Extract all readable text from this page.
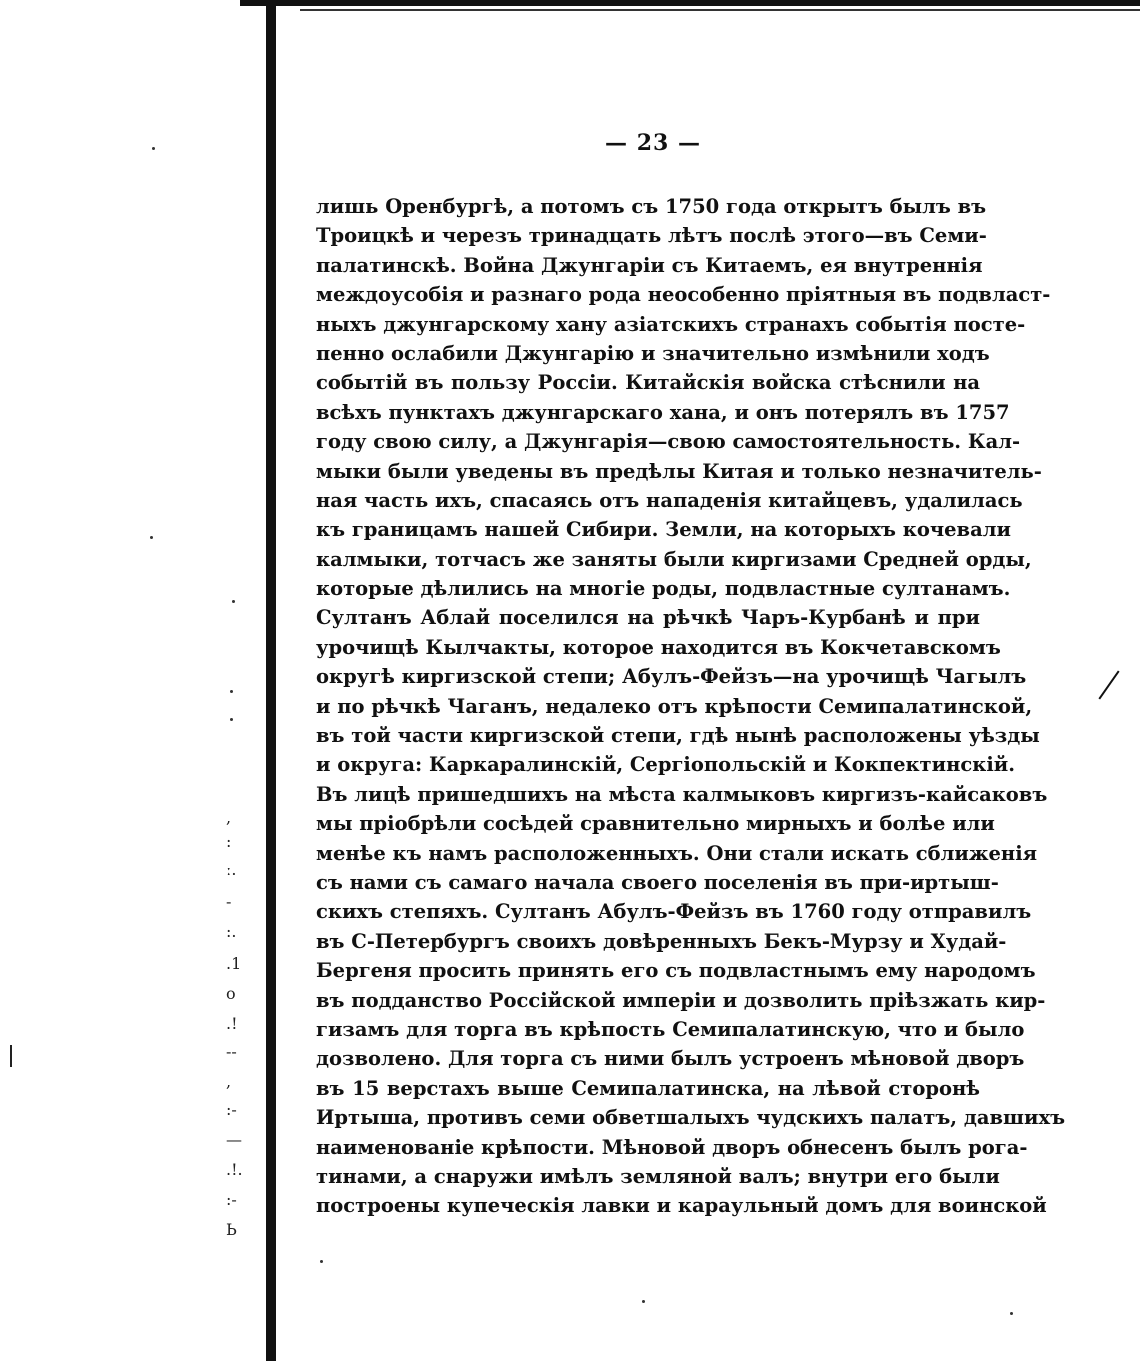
— 23 —
лишь Оренбургѣ, а потомъ съ 1750 года открытъ былъ въ
Троицкѣ и черезъ тринадцать лѣтъ послѣ этого—въ Семи-
палатинскѣ. Война Джунгаріи съ Китаемъ, ея внутреннія
междоусобія и разнаго рода неособенно пріятныя въ подвласт-
ныхъ джунгарскому хану азіатскихъ странахъ событія посте-
пенно ослабили Джунгарію и значительно измѣнили ходъ
событій въ пользу Россіи. Китайскія войска стѣснили на
всѣхъ пунктахъ джунгарскаго хана, и онъ потерялъ въ 1757
году свою силу, а Джунгарія—свою самостоятельность. Кал-
мыки были уведены въ предѣлы Китая и только незначитель-
ная часть ихъ, спасаясь отъ нападенія китайцевъ, удалилась
къ границамъ нашей Сибири. Земли, на которыхъ кочевали
калмыки, тотчасъ же заняты были киргизами Средней орды,
которые дѣлились на многіе роды, подвластные султанамъ.
Султанъ Аблай поселился на рѣчкѣ Чаръ-Курбанѣ и при
урочищѣ Кылчакты, которое находится въ Кокчетавскомъ
округѣ киргизской степи; Абулъ-Фейзъ—на урочищѣ Чагылъ
и по рѣчкѣ Чаганъ, недалеко отъ крѣпости Семипалатинской,
въ той части киргизской степи, гдѣ нынѣ расположены уѣзды
и округа: Каркаралинскій, Сергіопольскій и Кокпектинскій.
Въ лицѣ пришедшихъ на мѣста калмыковъ киргизъ-кайсаковъ
мы пріобрѣли сосѣдей сравнительно мирныхъ и болѣе или
менѣе къ намъ расположенныхъ. Они стали искать сближенія
съ нами съ самаго начала своего поселенія въ при-иртыш-
скихъ степяхъ. Султанъ Абулъ-Фейзъ въ 1760 году отправилъ
въ С-Петербургъ своихъ довѣренныхъ Бекъ-Мурзу и Худай-
Бергеня просить принять его съ подвластнымъ ему народомъ
въ подданство Россійской имперіи и дозволить пріѣзжать кир-
гизамъ для торга въ крѣпость Семипалатинскую, что и было
дозволено. Для торга съ ними былъ устроенъ мѣновой дворъ
въ 15 верстахъ выше Семипалатинска, на лѣвой сторонѣ
Иртыша, противъ семи обветшалыхъ чудскихъ палатъ, давшихъ
наименованіе крѣпости. Мѣновой дворъ обнесенъ былъ рога-
тинами, а снаружи имѣлъ земляной валъ; внутри его были
построены купеческія лавки и караульный домъ для воинской
,
:
ː.
-
:.
.1
o
.!
--
,
:-
—
.!.
:-
Ь
